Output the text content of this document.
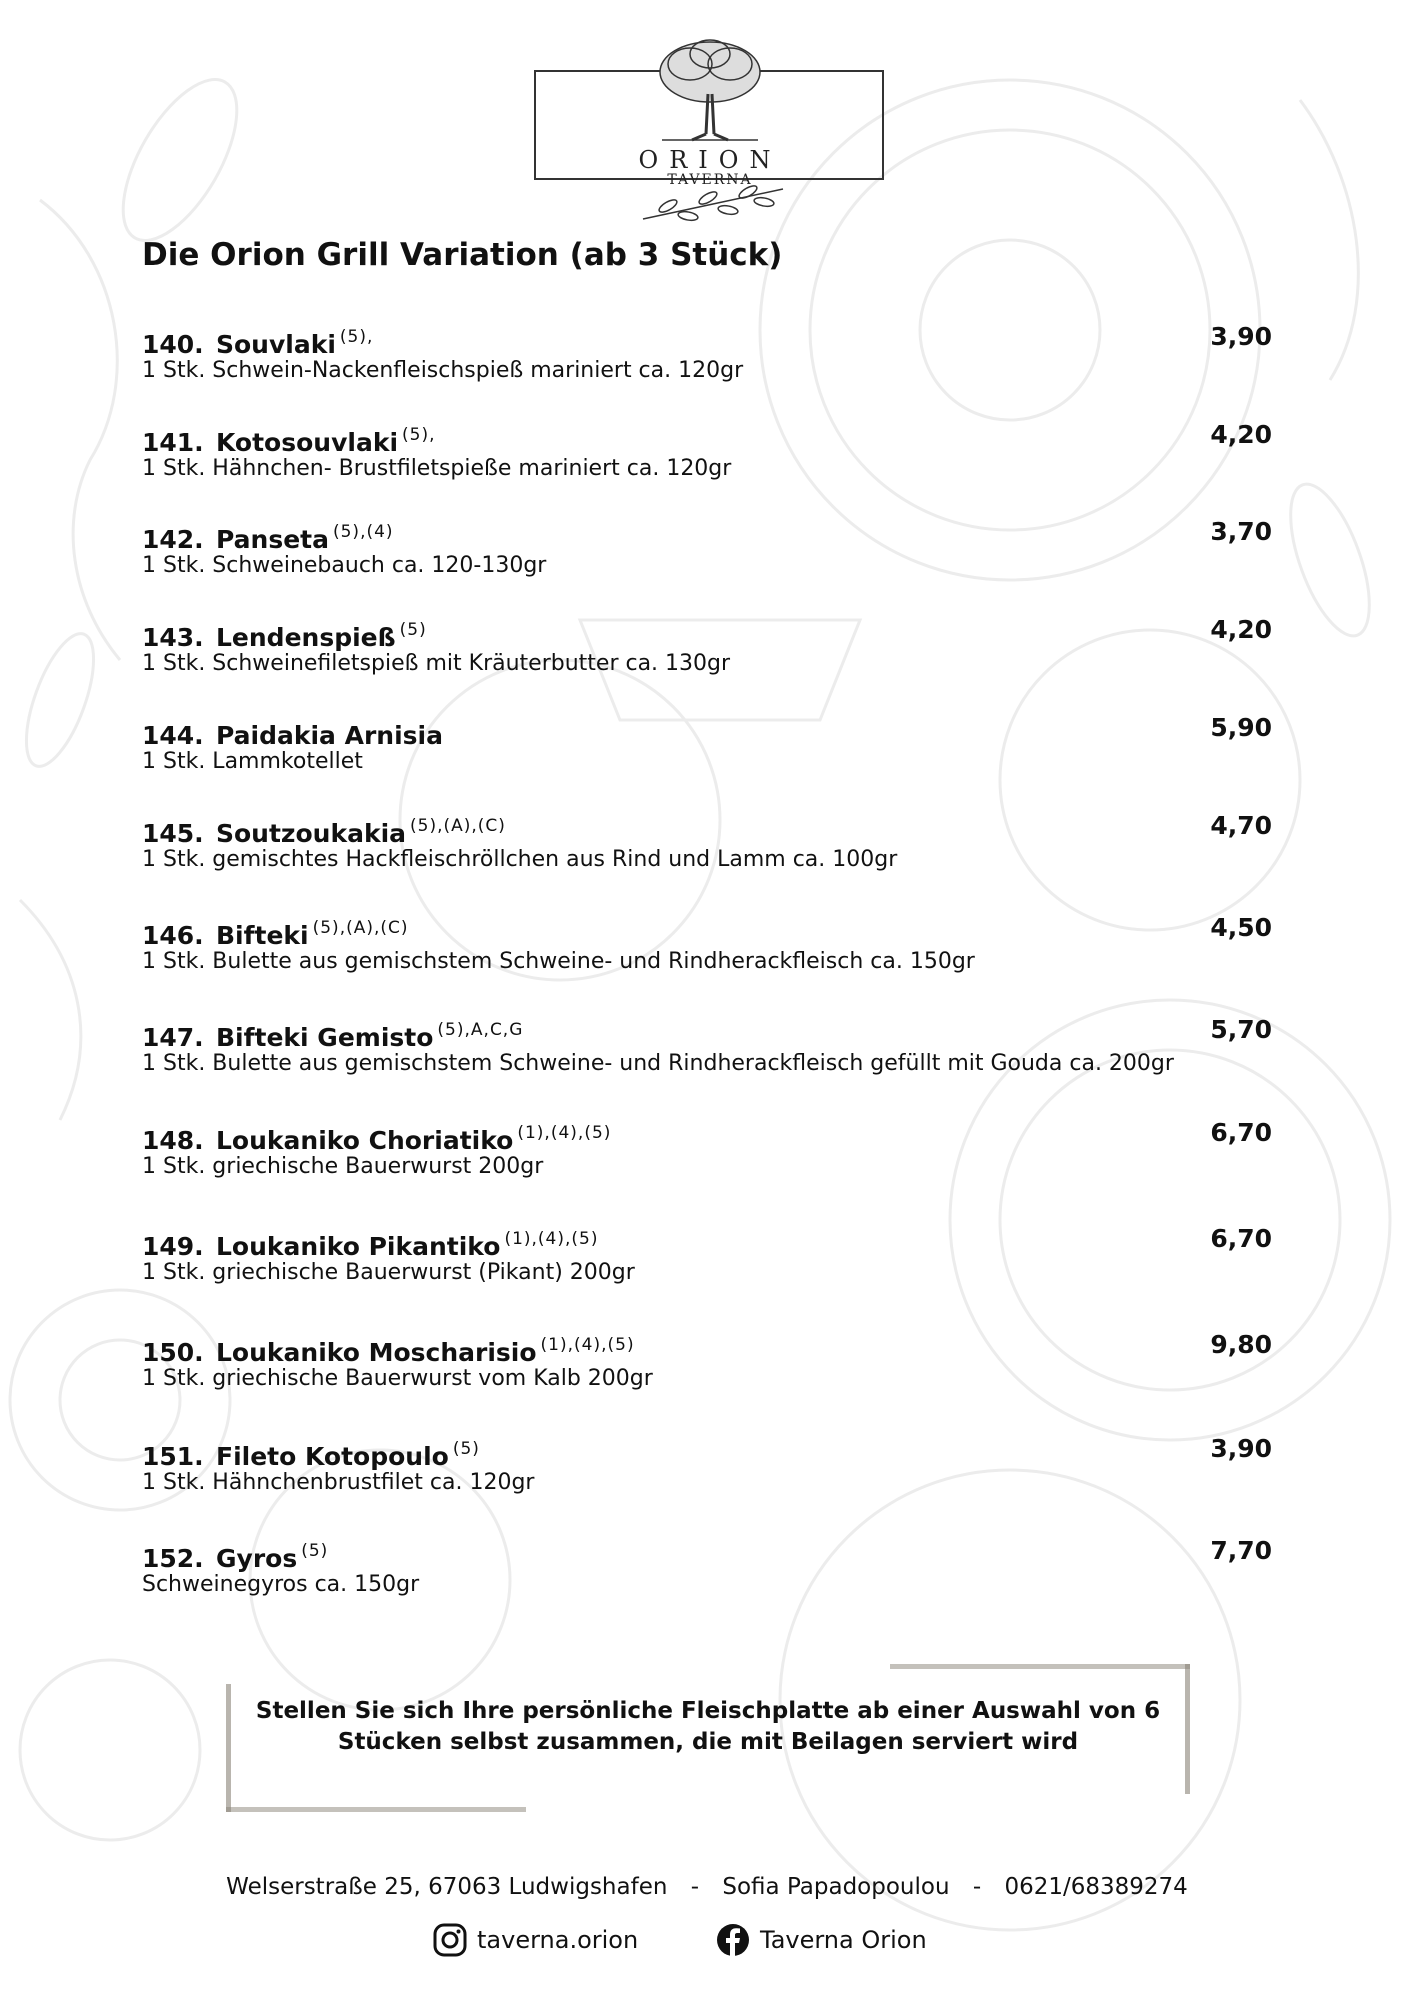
ORION
TAVERNA
Die Orion Grill Variation (ab 3 Stück)
140. Souvlaki $^{(5),}$	3,90
1 Stk. Schwein-Nackenfleischspieß mariniert ca. 120gr
141. Kotosouvlaki $^{(5),}$	4,20
1 Stk. Hähnchen- Brustfiletspieße mariniert ca. 120gr
142. Panseta $^{(5),(4)}$	3,70
1 Stk. Schweinebauch ca. 120-130gr
143. Lendenspieß $^{(5)}$	4,20
1 Stk. Schweinefiletspieß mit Kräuterbutter ca. 130gr
144. Paidakia Arnisia	5,90
1 Stk. Lammkotellet
145. Soutzoukakia $^{(5),(A),(C)}$	4,70
1 Stk. gemischtes Hackfleischröllchen aus Rind und Lamm ca. 100gr
146. Bifteki $^{(5),(A),(C)}$	4,50
1 Stk. Bulette aus gemischstem Schweine- und Rindherackfleisch ca. 150gr
147. Bifteki Gemisto $^{(5),A,C,G}$	5,70
1 Stk. Bulette aus gemischstem Schweine- und Rindherackfleisch gefüllt mit Gouda ca. 200gr
148. Loukaniko Choriatiko $^{(1),(4),(5)}$	6,70
1 Stk. griechische Bauerwurst 200gr
149. Loukaniko Pikantiko $^{(1),(4),(5)}$	6,70
1 Stk. griechische Bauerwurst (Pikant) 200gr
150. Loukaniko Moscharisio $^{(1),(4),(5)}$	9,80
1 Stk. griechische Bauerwurst vom Kalb 200gr
151. Fileto Kotopoulo $^{(5)}$	3,90
1 Stk. Hähnchenbrustfilet ca. 120gr
152. Gyros $^{(5)}$	7,70
Schweinegyros ca. 150gr
Stellen Sie sich Ihre persönliche Fleischplatte ab einer Auswahl von 6
Stücken selbst zusammen, die mit Beilagen serviert wird
Welserstraße 25, 67063 Ludwigshafen - Sofia Papadopoulou - 0621/68389274
taverna.orion	Taverna Orion
